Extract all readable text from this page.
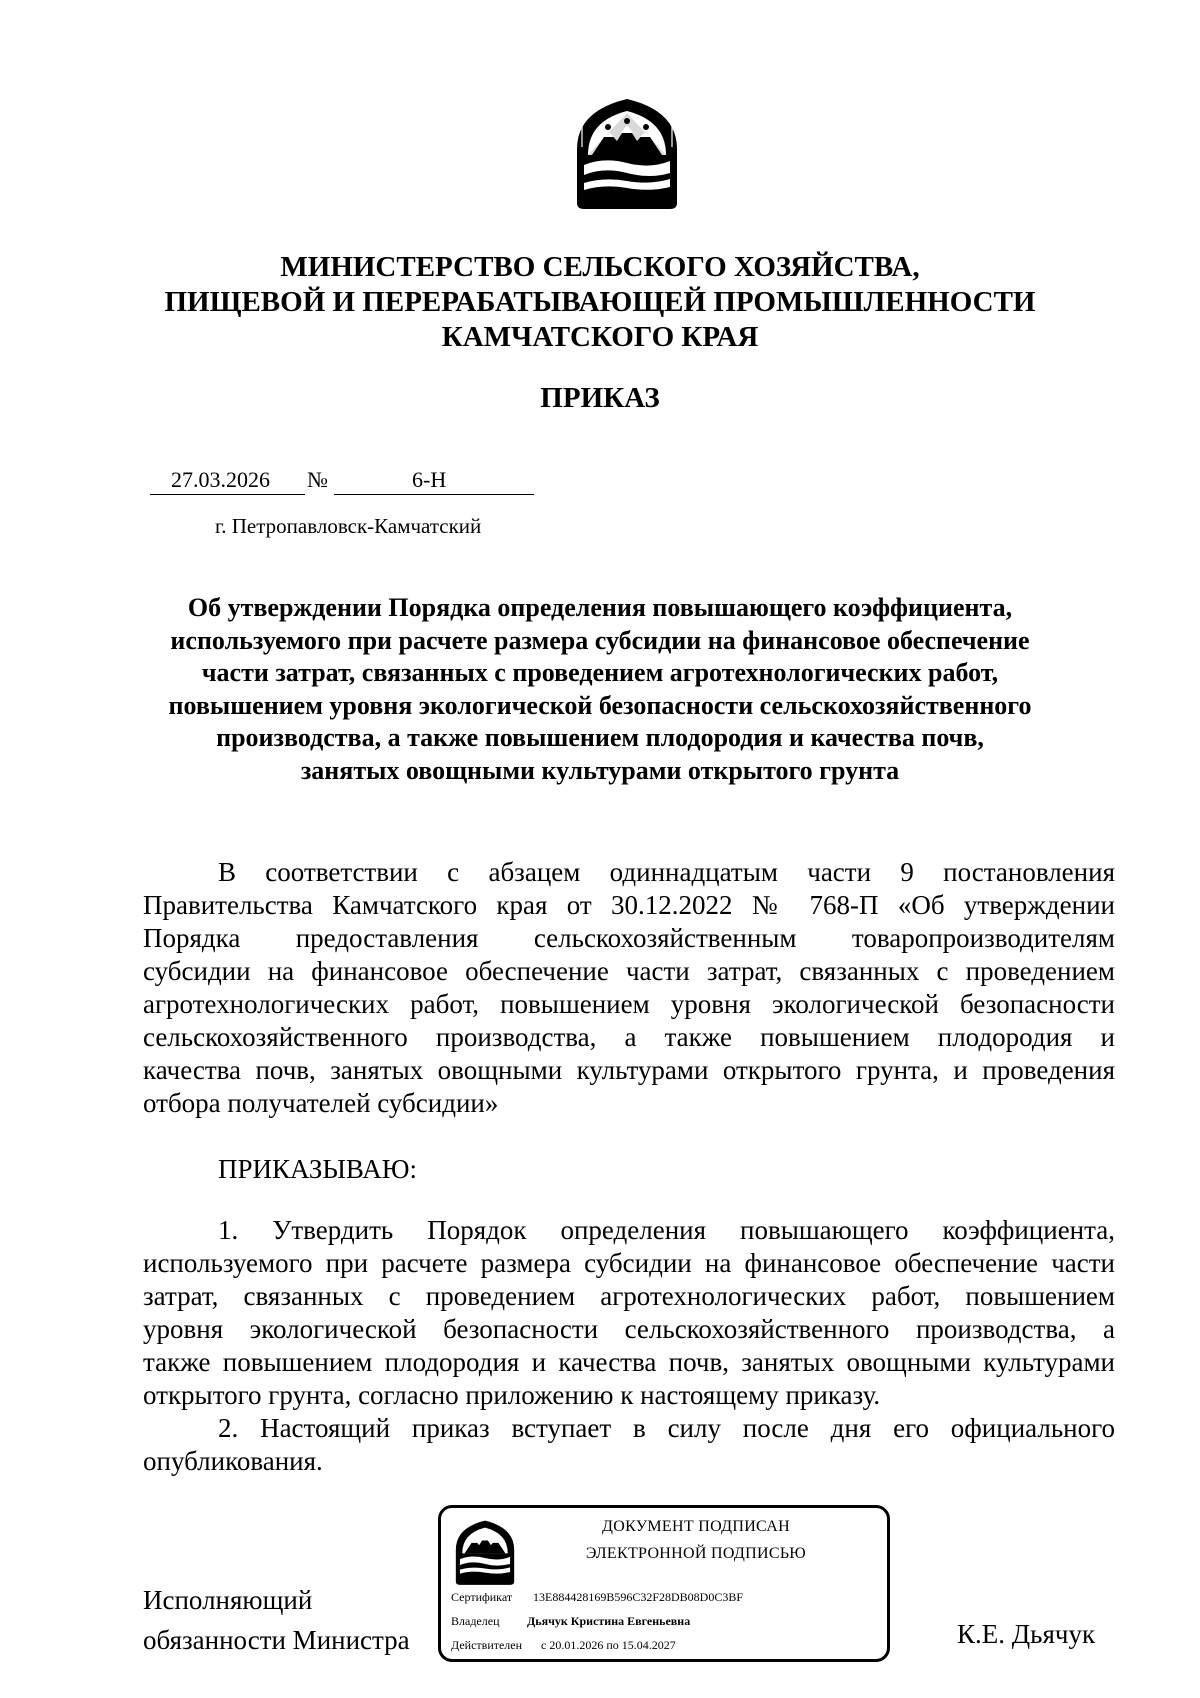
МИНИСТЕРСТВО СЕЛЬСКОГО ХОЗЯЙСТВА,
ПИЩЕВОЙ И ПЕРЕРАБАТЫВАЮЩЕЙ ПРОМЫШЛЕННОСТИ
КАМЧАТСКОГО КРАЯ
ПРИКАЗ
27.03.2026 №	6-Н
г. Петропавловск-Камчатский
Об утверждении Порядка определения повышающего коэффициента,
используемого при расчете размера субсидии на финансовое обеспечение
части затрат, связанных с проведением агротехнологических работ,
повышением уровня экологической безопасности сельскохозяйственного
производства, а также повышением плодородия и качества почв,
занятых овощными культурами открытого грунта
В соответствии с абзацем одиннадцатым части 9 постановления
Правительства Камчатского края от 30.12.2022 № 768-П «Об утверждении
Порядка предоставления сельскохозяйственным товаропроизводителям
субсидии на финансовое обеспечение части затрат, связанных с проведением
агротехнологических работ, повышением уровня экологической безопасности
сельскохозяйственного производства, а также повышением плодородия и
качества почв, занятых овощными культурами открытого грунта, и проведения
отбора получателей субсидии»
ПРИКАЗЫВАЮ:
1. Утвердить Порядок определения повышающего коэффициента,
используемого при расчете размера субсидии на финансовое обеспечение части
затрат, связанных с проведением агротехнологических работ, повышением
уровня экологической безопасности сельскохозяйственного производства, а
также повышением плодородия и качества почв, занятых овощными культурами
открытого грунта, согласно приложению к настоящему приказу.
2. Настоящий приказ вступает в силу после дня его официального
опубликования.
Исполняющий
обязанности Министра	К.Е. Дьячук
ДОКУМЕНТ ПОДПИСАН
ЭЛЕКТРОННОЙ ПОДПИСЬЮ
Сертификат 13E884428169B596C32F28DB08D0C3BF
Владелец Дьячук Кристина Евгеньевна
Действителен с 20.01.2026 по 15.04.2027
